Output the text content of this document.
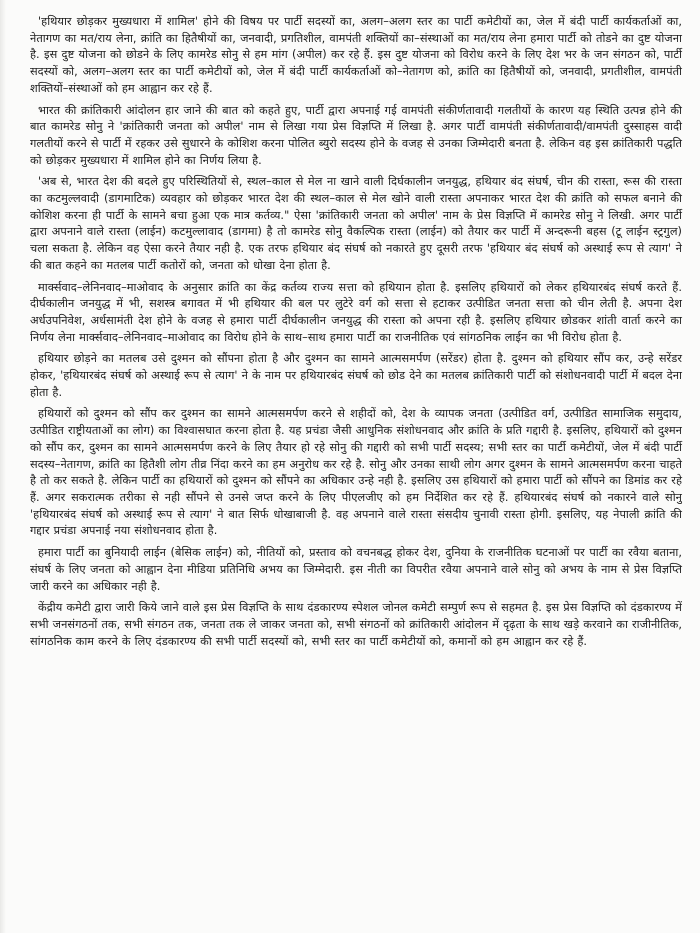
'हथियार छोड़कर मुख्यधारा में शामिल' होने की विषय पर पार्टी सदस्यों का, अलग–अलग स्तर का पार्टी कमेटीयों का, जेल में बंदी पार्टी कार्यकर्ताओं का, नेतागण का मत/राय लेना, क्रांति का हितैषीयों का, जनवादी, प्रगतिशील, वामपंती शक्तियों का–संस्थाओं का मत/राय लेना हमारा पार्टी को तोडने का दुष्ट योजना है. इस दुष्ट योजना को छोडने के लिए कामरेड सोनु से हम मांग (अपील) कर रहे हैं. इस दुष्ट योजना को विरोध करने के लिए देश भर के जन संगठन को, पार्टी सदस्यों को, अलग–अलग स्तर का पार्टी कमेटीयों को, जेल में बंदी पार्टी कार्यकर्ताओं को–नेतागण को, क्रांति का हितैषीयों को, जनवादी, प्रगतीशील, वामपंती शक्तियों–संस्थाओं को हम आह्वान कर रहे हैं.

भारत की क्रांतिकारी आंदोलन हार जाने की बात को कहते हुए, पार्टी द्वारा अपनाई गई वामपंती संकीर्णतावादी गलतीयों के कारण यह स्थिति उत्पन्न होने की बात कामरेड सोनु ने 'क्रांतिकारी जनता को अपील' नाम से लिखा गया प्रेस विज्ञप्ति में लिखा है. अगर पार्टी वामपंती संकीर्णतावादी/वामपंती दुस्साहस वादी गलतीयों करने से पार्टी में रहकर उसे सुधारने के कोशिश करना पोलित ब्युरो सदस्य होने के वजह से उनका जिम्मेदारी बनता है. लेकिन वह इस क्रांतिकारी पद्धति को छोड़कर मुख्यधारा में शामिल होने का निर्णय लिया है.

'अब से, भारत देश की बदले हुए परिस्थितियों से, स्थल–काल से मेल ना खाने वाली दिर्घकालीन जनयुद्ध, हथियार बंद संघर्ष, चीन की रास्ता, रूस की रास्ता का कटमुल्लवादी (डागमाटिक) व्यवहार को छोड़कर भारत देश की स्थल–काल से मेल खोने वाली रास्ता अपनाकर भारत देश की क्रांति को सफल बनाने की कोशिश करना ही पार्टी के सामने बचा हुआ एक मात्र कर्तव्य." ऐसा 'क्रांतिकारी जनता को अपील' नाम के प्रेस विज्ञप्ति में कामरेड सोनु ने लिखी. अगर पार्टी द्वारा अपनाने वाले रास्ता (लाईन) कटमुल्लावाद (डागमा) है तो कामरेड सोनु वैकल्पिक रास्ता (लाईन) को तैयार कर पार्टी में अन्दरूनी बहस (टू लाईन स्ट्रगुल) चला सकता है. लेकिन वह ऐसा करने तैयार नही है. एक तरफ हथियार बंद संघर्ष को नकारते हुए दूसरी तरफ 'हथियार बंद संघर्ष को अस्थाई रूप से त्याग' ने की बात कहने का मतलब पार्टी कतोरों को, जनता को धोखा देना होता है.

मार्क्सवाद–लेनिनवाद–माओवाद के अनुसार क्रांति का केंद्र कर्तव्य राज्य सत्ता को हथियान होता है. इसलिए हथियारों को लेकर हथियारबंद संघर्ष करते हैं. दीर्घकालीन जनयुद्ध में भी, सशस्त्र बगावत में भी हथियार की बल पर लुटेरे वर्ग को सत्ता से हटाकर उत्पीडित जनता सत्ता को चीन लेती है. अपना देश अर्धउपनिवेश, अर्धसामंती देश होने के वजह से हमारा पार्टी दीर्घकालीन जनयुद्ध की रास्ता को अपना रही है. इसलिए हथियार छोडकर शांती वार्ता करने का निर्णय लेना मार्क्सवाद–लेनिनवाद–माओवाद का विरोध होने के साथ–साथ हमारा पार्टी का राजनीतिक एवं सांगठनिक लाईन का भी विरोध होता है.

हथियार छोड़ने का मतलब उसे दुश्मन को सौंपना होता है और दुश्मन का सामने आत्मसमर्पण (सरेंडर) होता है. दुश्मन को हथियार सौंप कर, उन्हे सरेंडर होकर, 'हथियारबंद संघर्ष को अस्थाई रूप से त्याग' ने के नाम पर हथियारबंद संघर्ष को छोड देने का मतलब क्रांतिकारी पार्टी को संशोधनवादी पार्टी में बदल देना होता है.

हथियारों को दुश्मन को सौंप कर दुश्मन का सामने आत्मसमर्पण करने से शहीदों को, देश के व्यापक जनता (उत्पीडित वर्ग, उत्पीडित सामाजिक समुदाय, उत्पीडित राष्ट्रीयताओं का लोग) का विश्वासघात करना होता है. यह प्रचंडा जैसी आधुनिक संशोधनवाद और क्रांति के प्रति गद्दारी है. इसलिए, हथियारों को दुश्मन को सौंप कर, दुश्मन का सामने आत्मसमर्पण करने के लिए तैयार हो रहे सोनु की गद्दारी को सभी पार्टी सदस्य; सभी स्तर का पार्टी कमेटीयों, जेल में बंदी पार्टी सदस्य–नेतागण, क्रांति का हितैशी लोग तीव्र निंदा करने का हम अनुरोध कर रहे है. सोनु और उनका साथी लोग अगर दुश्मन के सामने आत्मसमर्पण करना चाहते है तो कर सकते है. लेकिन पार्टी का हथियारों को दुश्मन को सौंपने का अधिकार उन्हे नही है. इसलिए उस हथियारों को हमारा पार्टी को सौंपने का डिमांड कर रहे हैं. अगर सकरात्मक तरीका से नही सौंपने से उनसे जप्त करने के लिए पीएलजीए को हम निर्देशित कर रहे हैं. हथियारबंद संघर्ष को नकारने वाले सोनु 'हथियारबंद संघर्ष को अस्थाई रूप से त्याग' ने बात सिर्फ धोखाबाजी है. वह अपनाने वाले रास्ता संसदीय चुनावी रास्ता होगी. इसलिए, यह नेपाली क्रांति की गद्दार प्रचंडा अपनाई नया संशोधनवाद होता है.

हमारा पार्टी का बुनियादी लाईन (बेसिक लाईन) को, नीतियों को, प्रस्ताव को वचनबद्ध होकर देश, दुनिया के राजनीतिक घटनाओं पर पार्टी का रवैया बताना, संघर्ष के लिए जनता को आह्वान देना मीडिया प्रतिनिधि अभय का जिम्मेदारी. इस नीती का विपरीत रवैया अपनाने वाले सोनु को अभय के नाम से प्रेस विज्ञप्ति जारी करने का अधिकार नही है.

केंद्रीय कमेटी द्वारा जारी किये जाने वाले इस प्रेस विज्ञप्ति के साथ दंडकारण्य स्पेशल जोनल कमेटी सम्पुर्ण रूप से सहमत है. इस प्रेस विज्ञप्ति को दंडकारण्य में सभी जनसंगठनों तक, सभी संगठन तक, जनता तक ले जाकर जनता को, सभी संगठनों को क्रांतिकारी आंदोलन में दृढ़ता के साथ खड़े करवाने का राजीनीतिक, सांगठनिक काम करने के लिए दंडकारण्य की सभी पार्टी सदस्यों को, सभी स्तर का पार्टी कमेटीयों को, कमानों को हम आह्वान कर रहे हैं.
